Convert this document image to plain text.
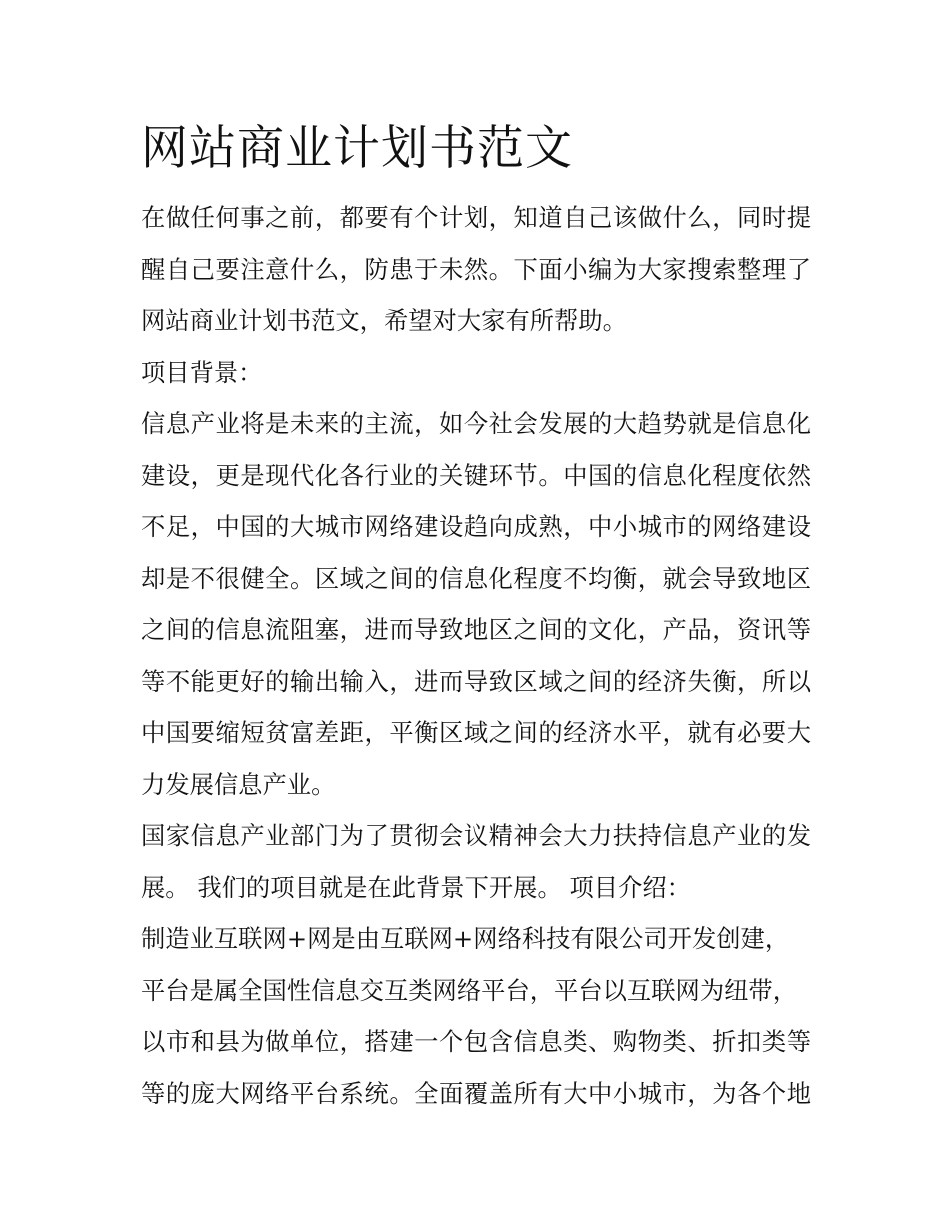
网站商业计划书范文
在做任何事之前，都要有个计划，知道自己该做什么，同时提
醒自己要注意什么，防患于未然。下面小编为大家搜索整理了
网站商业计划书范文，希望对大家有所帮助。
项目背景：
信息产业将是未来的主流，如今社会发展的大趋势就是信息化
建设，更是现代化各行业的关键环节。中国的信息化程度依然
不足，中国的大城市网络建设趋向成熟，中小城市的网络建设
却是不很健全。区域之间的信息化程度不均衡，就会导致地区
之间的信息流阻塞，进而导致地区之间的文化，产品，资讯等
等不能更好的输出输入，进而导致区域之间的经济失衡，所以
中国要缩短贫富差距，平衡区域之间的经济水平，就有必要大
力发展信息产业。
国家信息产业部门为了贯彻会议精神会大力扶持信息产业的发
展。 我们的项目就是在此背景下开展。 项目介绍：
制造业互联网+网是由互联网+网络科技有限公司开发创建，
平台是属全国性信息交互类网络平台，平台以互联网为纽带，
以市和县为做单位，搭建一个包含信息类、购物类、折扣类等
等的庞大网络平台系统。全面覆盖所有大中小城市，为各个地
